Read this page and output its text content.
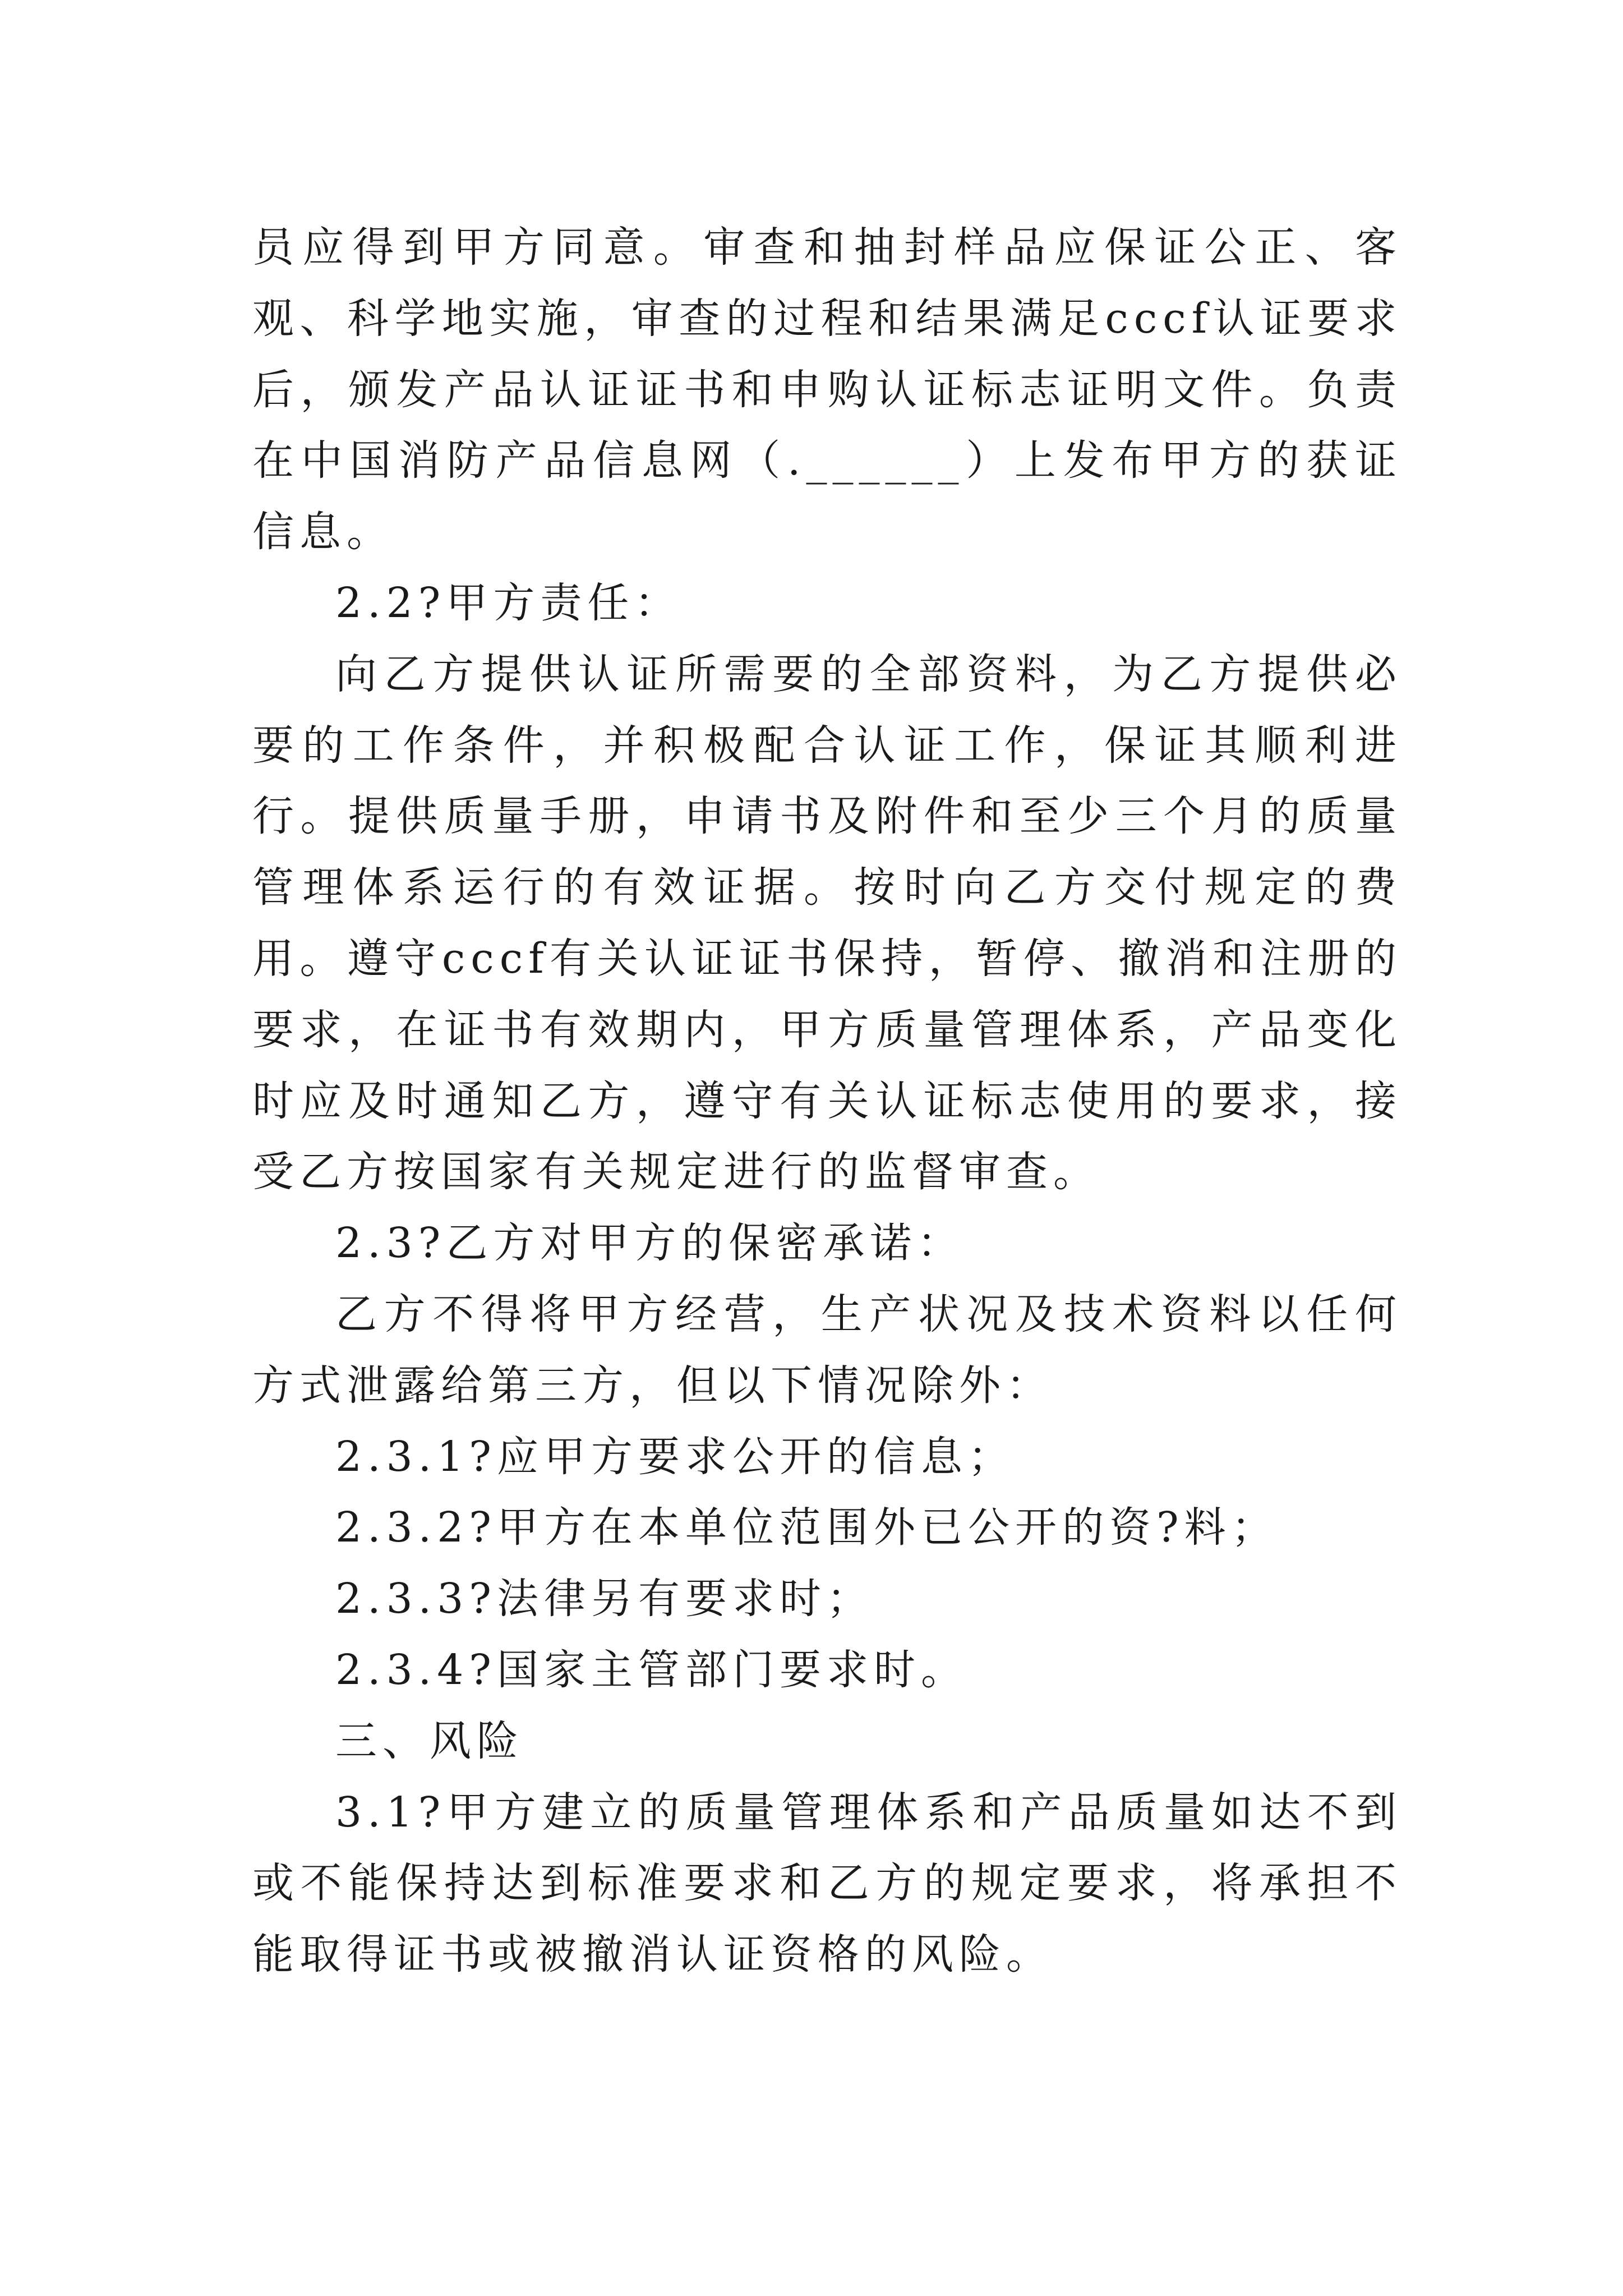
员应得到甲方同意。审查和抽封样品应保证公正、客观、科学地实施，审查的过程和结果满足cccf认证要求后，颁发产品认证证书和申购认证标志证明文件。负责在中国消防产品信息网（.______）上发布甲方的获证信息。

2.2?甲方责任：

向乙方提供认证所需要的全部资料，为乙方提供必要的工作条件，并积极配合认证工作，保证其顺利进行。提供质量手册，申请书及附件和至少三个月的质量管理体系运行的有效证据。按时向乙方交付规定的费用。遵守cccf有关认证证书保持，暂停、撤消和注册的要求，在证书有效期内，甲方质量管理体系，产品变化时应及时通知乙方，遵守有关认证标志使用的要求，接受乙方按国家有关规定进行的监督审查。

2.3?乙方对甲方的保密承诺：

乙方不得将甲方经营，生产状况及技术资料以任何方式泄露给第三方，但以下情况除外：

2.3.1?应甲方要求公开的信息；

2.3.2?甲方在本单位范围外已公开的资?料；

2.3.3?法律另有要求时；

2.3.4?国家主管部门要求时。

三、风险

3.1?甲方建立的质量管理体系和产品质量如达不到或不能保持达到标准要求和乙方的规定要求，将承担不能取得证书或被撤消认证资格的风险。
